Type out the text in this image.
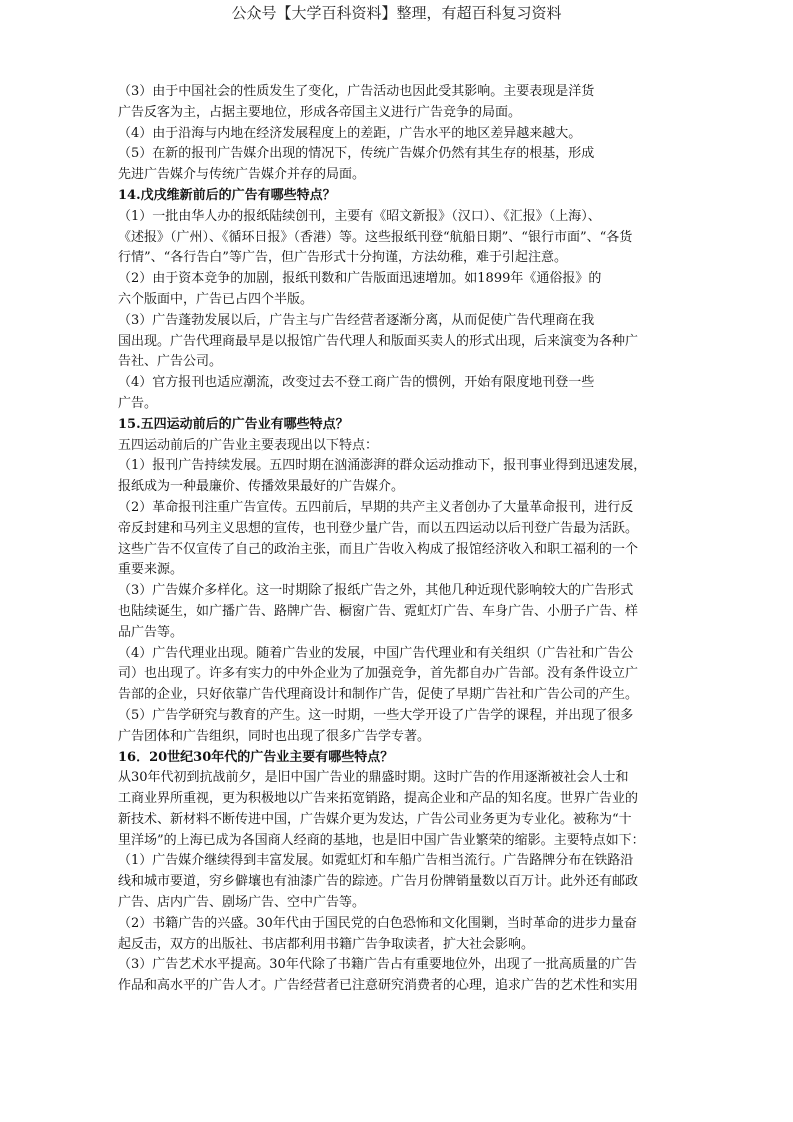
公众号【大学百科资料】整理，有超百科复习资料

（3）由于中国社会的性质发生了变化，广告活动也因此受其影响。主要表现是洋货

广告反客为主，占据主要地位，形成各帝国主义进行广告竞争的局面。

（4）由于沿海与内地在经济发展程度上的差距，广告水平的地区差异越来越大。

（5）在新的报刊广告媒介出现的情况下，传统广告媒介仍然有其生存的根基，形成

先进广告媒介与传统广告媒介并存的局面。

14.戊戌维新前后的广告有哪些特点？

（1）一批由华人办的报纸陆续创刊，主要有《昭文新报》（汉口）、《汇报》（上海）、

《述报》（广州）、《循环日报》（香港）等。这些报纸刊登“航船日期”、“银行市面”、“各货

行情”、“各行告白”等广告，但广告形式十分拘谨，方法幼稚，难于引起注意。

（2）由于资本竞争的加剧，报纸刊数和广告版面迅速增加。如1899年《通俗报》的

六个版面中，广告已占四个半版。

（3）广告蓬勃发展以后，广告主与广告经营者逐渐分离，从而促使广告代理商在我

国出现。广告代理商最早是以报馆广告代理人和版面买卖人的形式出现，后来演变为各种广

告社、广告公司。

（4）官方报刊也适应潮流，改变过去不登工商广告的惯例，开始有限度地刊登一些

广告。

15.五四运动前后的广告业有哪些特点？

五四运动前后的广告业主要表现出以下特点：

（1）报刊广告持续发展。五四时期在汹涌澎湃的群众运动推动下，报刊事业得到迅速发展，

报纸成为一种最廉价、传播效果最好的广告媒介。

（2）革命报刊注重广告宣传。五四前后，早期的共产主义者创办了大量革命报刊，进行反

帝反封建和马列主义思想的宣传，也刊登少量广告，而以五四运动以后刊登广告最为活跃。

这些广告不仅宣传了自己的政治主张，而且广告收入构成了报馆经济收入和职工福利的一个

重要来源。

（3）广告媒介多样化。这一时期除了报纸广告之外，其他几种近现代影响较大的广告形式

也陆续诞生，如广播广告、路牌广告、橱窗广告、霓虹灯广告、车身广告、小册子广告、样

品广告等。

（4）广告代理业出现。随着广告业的发展，中国广告代理业和有关组织（广告社和广告公

司）也出现了。许多有实力的中外企业为了加强竞争，首先都自办广告部。没有条件设立广

告部的企业，只好依靠广告代理商设计和制作广告，促使了早期广告社和广告公司的产生。

（5）广告学研究与教育的产生。这一时期，一些大学开设了广告学的课程，并出现了很多

广告团体和广告组织，同时也出现了很多广告学专著。

16．20世纪30年代的广告业主要有哪些特点？

从30年代初到抗战前夕，是旧中国广告业的鼎盛时期。这时广告的作用逐渐被社会人士和

工商业界所重视，更为积极地以广告来拓宽销路，提高企业和产品的知名度。世界广告业的

新技术、新材料不断传进中国，广告媒介更为发达，广告公司业务更为专业化。被称为“十

里洋场”的上海已成为各国商人经商的基地，也是旧中国广告业繁荣的缩影。主要特点如下：

（1）广告媒介继续得到丰富发展。如霓虹灯和车船广告相当流行。广告路牌分布在铁路沿

线和城市要道，穷乡僻壤也有油漆广告的踪迹。广告月份牌销量数以百万计。此外还有邮政

广告、店内广告、剧场广告、空中广告等。

（2）书籍广告的兴盛。30年代由于国民党的白色恐怖和文化围剿，当时革命的进步力量奋

起反击，双方的出版社、书店都利用书籍广告争取读者，扩大社会影响。

（3）广告艺术水平提高。30年代除了书籍广告占有重要地位外，出现了一批高质量的广告

作品和高水平的广告人才。广告经营者已注意研究消费者的心理，追求广告的艺术性和实用
